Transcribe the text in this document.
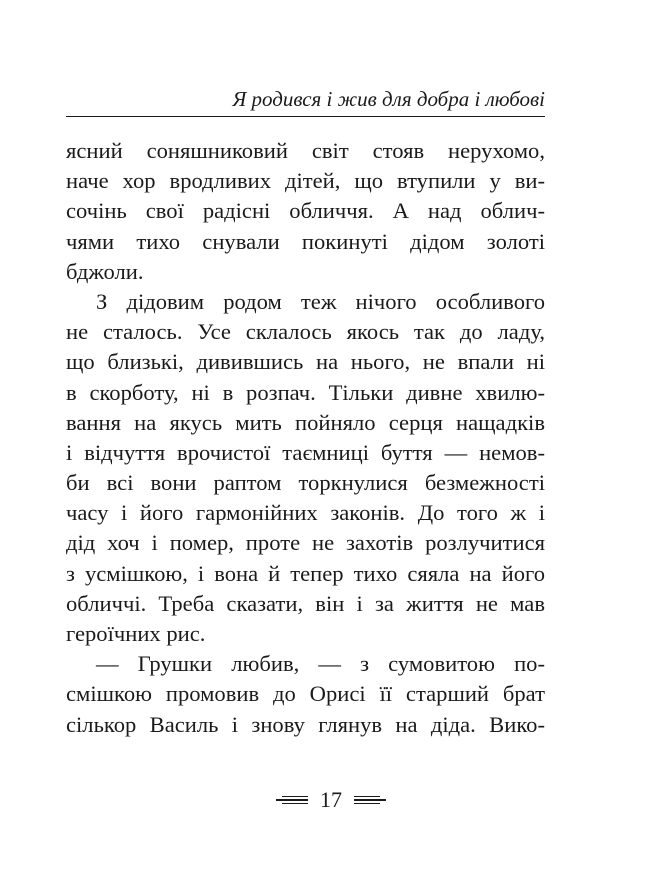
Я родився і жив для добра і любові
ясний соняшниковий світ стояв нерухомо,
наче хор вродливих дітей, що втупили у ви-
сочінь свої радісні обличчя. А над облич-
чями тихо снували покинуті дідом золоті
бджоли.
З дідовим родом теж нічого особливого
не сталось. Усе склалось якось так до ладу,
що близькі, дивившись на нього, не впали ні
в скорботу, ні в розпач. Тільки дивне хвилю-
вання на якусь мить пойняло серця нащадків
і відчуття врочистої таємниці буття — немов-
би всі вони раптом торкнулися безмежності
часу і його гармонійних законів. До того ж і
дід хоч і помер, проте не захотів розлучитися
з усмішкою, і вона й тепер тихо сяяла на його
обличчі. Треба сказати, він і за життя не мав
героїчних рис.
— Грушки любив, — з сумовитою по-
смішкою промовив до Орисі її старший брат
сількор Василь і знову глянув на діда. Вико-
17
